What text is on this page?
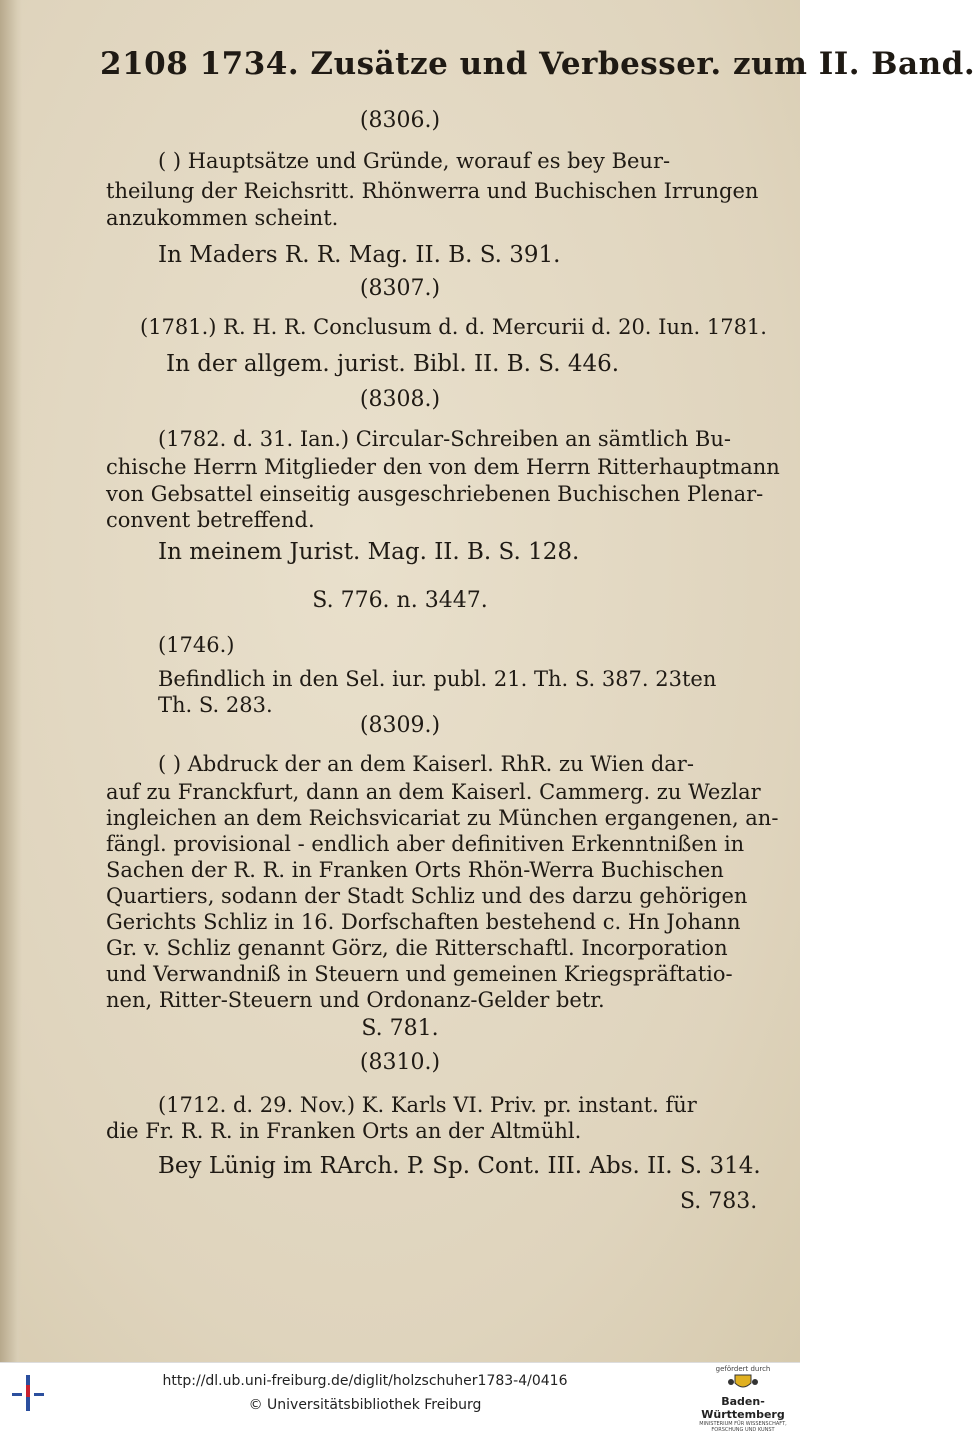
2108 1734. Zusätze und Verbesser. zum II. Band.

(8306.)

( ) Hauptsätze und Gründe, worauf es bey Beur-

theilung der Reichsritt. Rhönwerra und Buchischen Irrungen

anzukommen scheint.

In Maders R. R. Mag. II. B. S. 391.

(8307.)

(1781.) R. H. R. Conclusum d. d. Mercurii d. 20. Iun. 1781.

In der allgem. jurist. Bibl. II. B. S. 446.

(8308.)

(1782. d. 31. Ian.) Circular-Schreiben an sämtlich Bu-

chische Herrn Mitglieder den von dem Herrn Ritterhauptmann

von Gebsattel einseitig ausgeschriebenen Buchischen Plenar-

convent betreffend.

In meinem Jurist. Mag. II. B. S. 128.

S. 776. n. 3447.

(1746.)

Befindlich in den Sel. iur. publ. 21. Th. S. 387. 23ten

Th. S. 283.

(8309.)

( ) Abdruck der an dem Kaiserl. RhR. zu Wien dar-

auf zu Franckfurt, dann an dem Kaiserl. Cammerg. zu Wezlar

ingleichen an dem Reichsvicariat zu München ergangenen, an-

fängl. provisional - endlich aber definitiven Erkenntnißen in

Sachen der R. R. in Franken Orts Rhön-Werra Buchischen

Quartiers, sodann der Stadt Schliz und des darzu gehörigen

Gerichts Schliz in 16. Dorfschaften bestehend c. Hn Johann

Gr. v. Schliz genannt Görz, die Ritterschaftl. Incorporation

und Verwandniß in Steuern und gemeinen Kriegspräftatio-

nen, Ritter-Steuern und Ordonanz-Gelder betr.

S. 781.

(8310.)

(1712. d. 29. Nov.) K. Karls VI. Priv. pr. instant. für

die Fr. R. R. in Franken Orts an der Altmühl.

Bey Lünig im RArch. P. Sp. Cont. III. Abs. II. S. 314.

S. 783.

http://dl.ub.uni-freiburg.de/diglit/holzschuher1783-4/0416
© Universitätsbibliothek Freiburg
gefördert durch
Baden-Württemberg
MINISTERIUM FÜR WISSENSCHAFT, FORSCHUNG UND KUNST
